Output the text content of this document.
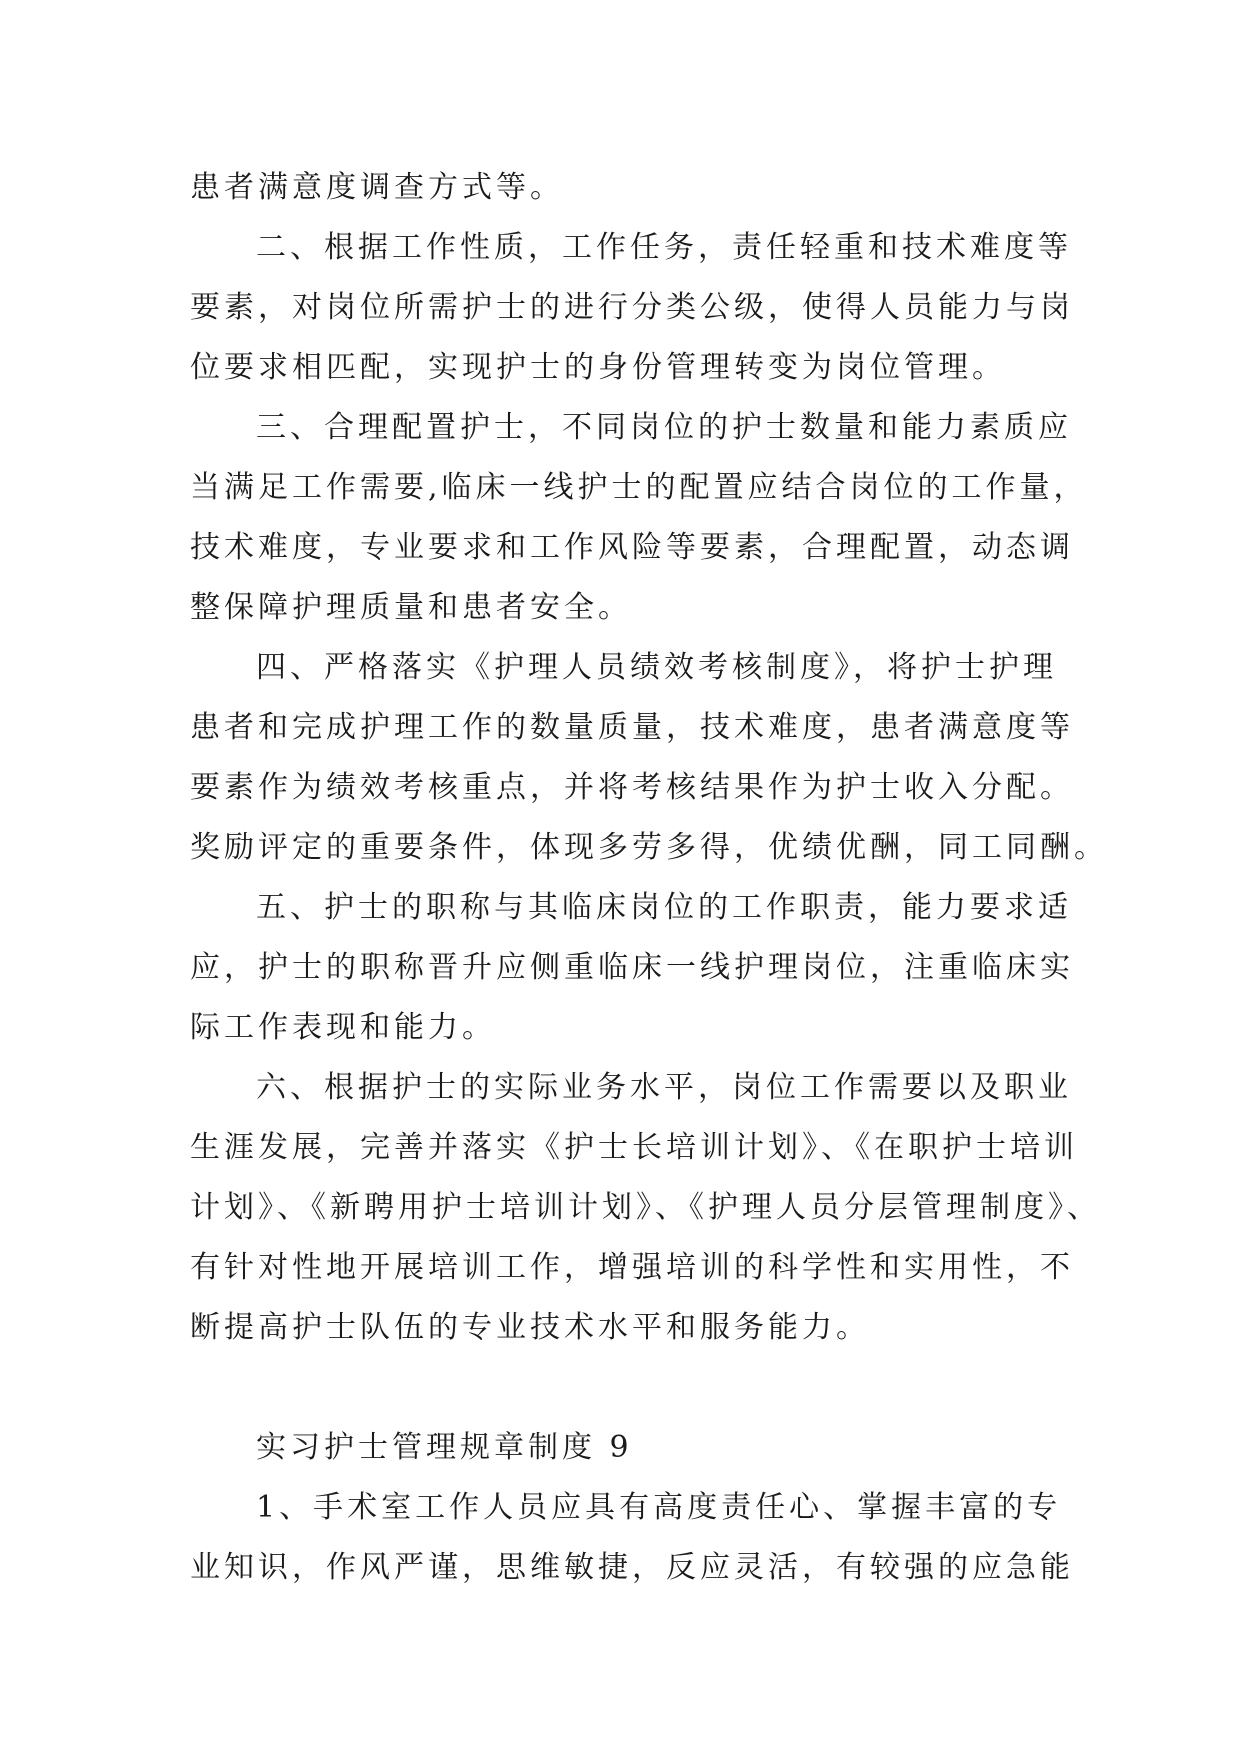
患者满意度调查方式等。
二、根据工作性质，工作任务，责任轻重和技术难度等
要素，对岗位所需护士的进行分类公级，使得人员能力与岗
位要求相匹配，实现护士的身份管理转变为岗位管理。
三、合理配置护士，不同岗位的护士数量和能力素质应
当满足工作需要,临床一线护士的配置应结合岗位的工作量，
技术难度，专业要求和工作风险等要素，合理配置，动态调
整保障护理质量和患者安全。
四、严格落实《护理人员绩效考核制度》，将护士护理
患者和完成护理工作的数量质量，技术难度，患者满意度等
要素作为绩效考核重点，并将考核结果作为护士收入分配。
奖励评定的重要条件，体现多劳多得，优绩优酬，同工同酬。
五、护士的职称与其临床岗位的工作职责，能力要求适
应，护士的职称晋升应侧重临床一线护理岗位，注重临床实
际工作表现和能力。
六、根据护士的实际业务水平，岗位工作需要以及职业
生涯发展，完善并落实《护士长培训计划》、《在职护士培训
计划》、《新聘用护士培训计划》、《护理人员分层管理制度》、
有针对性地开展培训工作，增强培训的科学性和实用性，不
断提高护士队伍的专业技术水平和服务能力。
实习护士管理规章制度 9
1、手术室工作人员应具有高度责任心、掌握丰富的专
业知识，作风严谨，思维敏捷，反应灵活，有较强的应急能
